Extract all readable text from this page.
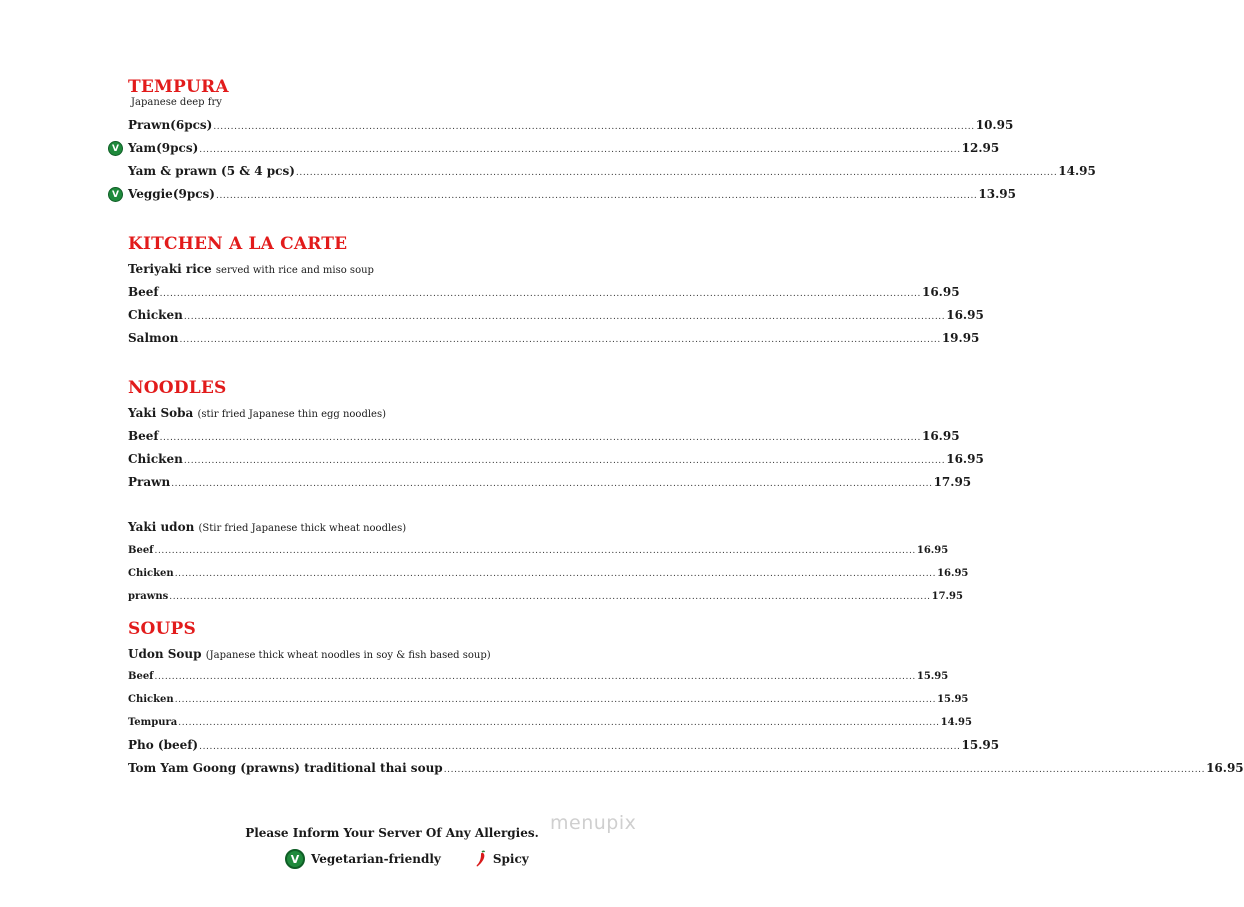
TEMPURA
Japanese deep fry
Prawn(6pcs) ............................................................................................................................................................................................................................ 10.95
V Yam(9pcs) ............................................................................................................................................................................................................................ 12.95
Yam & prawn (5 & 4 pcs) ............................................................................................................................................................................................................................ 14.95
V Veggie(9pcs) ............................................................................................................................................................................................................................ 13.95
KITCHEN A LA CARTE
Teriyaki rice served with rice and miso soup
Beef ............................................................................................................................................................................................................................ 16.95
Chicken ............................................................................................................................................................................................................................ 16.95
Salmon ............................................................................................................................................................................................................................ 19.95
NOODLES
Yaki Soba (stir fried Japanese thin egg noodles)
Beef ............................................................................................................................................................................................................................ 16.95
Chicken ............................................................................................................................................................................................................................ 16.95
Prawn ............................................................................................................................................................................................................................ 17.95
Yaki udon (Stir fried Japanese thick wheat noodles)
Beef ............................................................................................................................................................................................................................ 16.95
Chicken ............................................................................................................................................................................................................................ 16.95
prawns ............................................................................................................................................................................................................................ 17.95
SOUPS
Udon Soup (Japanese thick wheat noodles in soy & fish based soup)
Beef ............................................................................................................................................................................................................................ 15.95
Chicken ............................................................................................................................................................................................................................ 15.95
Tempura ............................................................................................................................................................................................................................ 14.95
Pho (beef) ............................................................................................................................................................................................................................ 15.95
Tom Yam Goong (prawns) traditional thai soup ............................................................................................................................................................................................................................ 16.95
menupix
Please Inform Your Server Of Any Allergies.
V Vegetarian-friendly	Spicy
